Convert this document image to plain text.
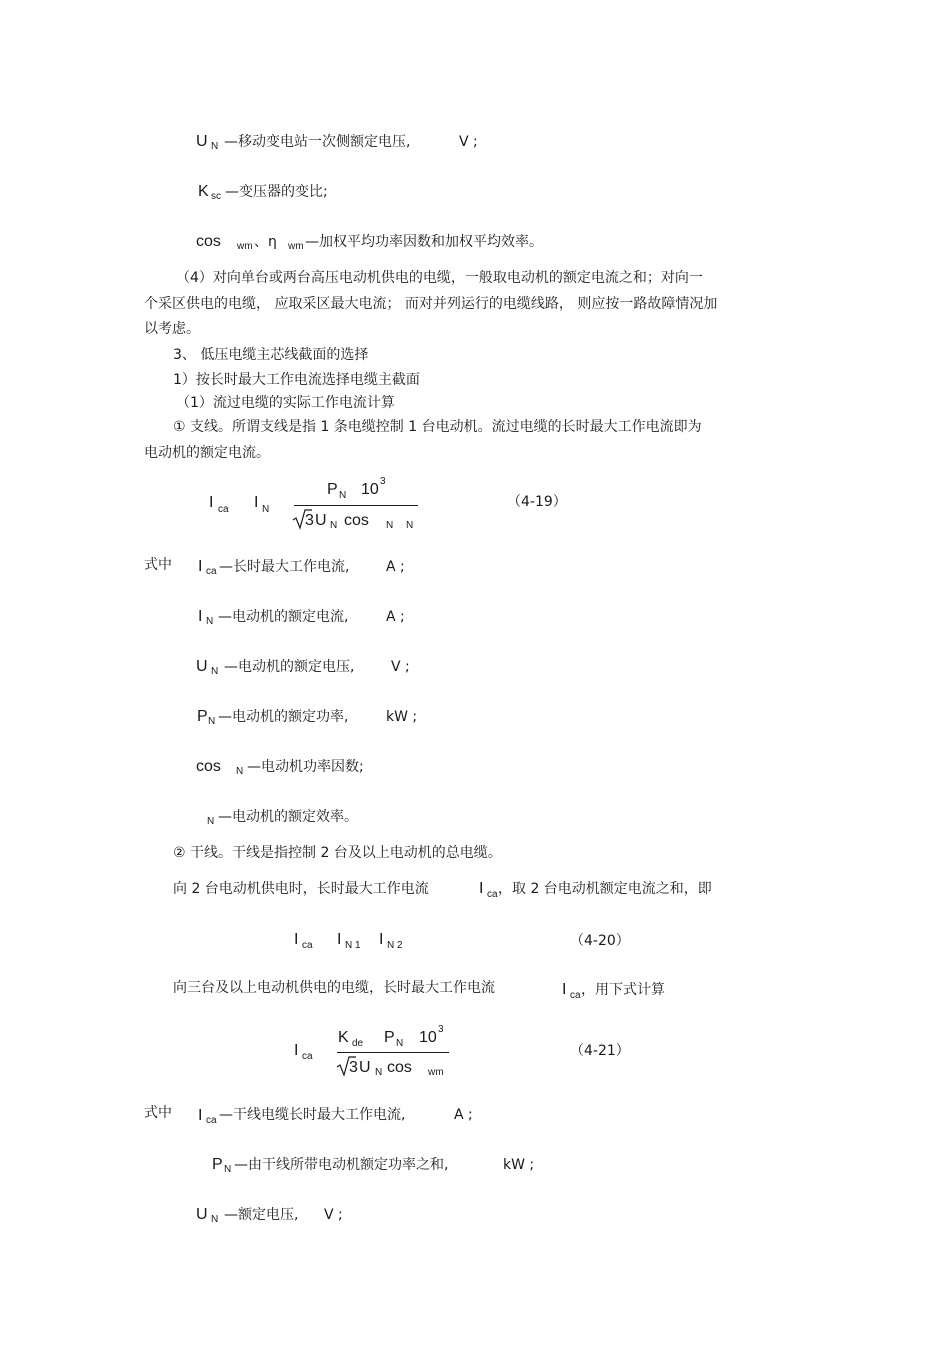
U N —移动变电站一次侧额定电压,	V ;
K sc —变压器的变比;
cos wm 、η wm —加权平均功率因数和加权平均效率。
（4）对向单台或两台高压电动机供电的电缆，一般取电动机的额定电流之和；对向一
个采区供电的电缆， 应取采区最大电流； 而对并列运行的电缆线路， 则应按一路故障情况加
以考虑。
3、 低压电缆主芯线截面的选择
1）按长时最大工作电流选择电缆主截面
（1）流过电缆的实际工作电流计算
① 支线。所谓支线是指 1 条电缆控制 1 台电动机。流过电缆的长时最大工作电流即为
电动机的额定电流。
I ca I N
P N 10 3
3 U N cos N N
（4-19）
式中 I ca —长时最大工作电流,	A ;
I N —电动机的额定电流,	A ;
U N —电动机的额定电压,	V ;
P N —电动机的额定功率,	kW ;
cos N —电动机功率因数;
N —电动机的额定效率。
② 干线。干线是指控制 2 台及以上电动机的总电缆。
向 2 台电动机供电时，长时最大工作电流	I ca ，取 2 台电动机额定电流之和，即
I ca I N 1 I N 2	（4-20）
向三台及以上电动机供电的电缆，长时最大工作电流	I ca ，用下式计算
I ca
K de P N 10 3
3 U N cos wm
（4-21）
式中 I ca —干线电缆长时最大工作电流,	A ;
P N —由干线所带电动机额定功率之和,	kW ;
U N —额定电压, V ;
